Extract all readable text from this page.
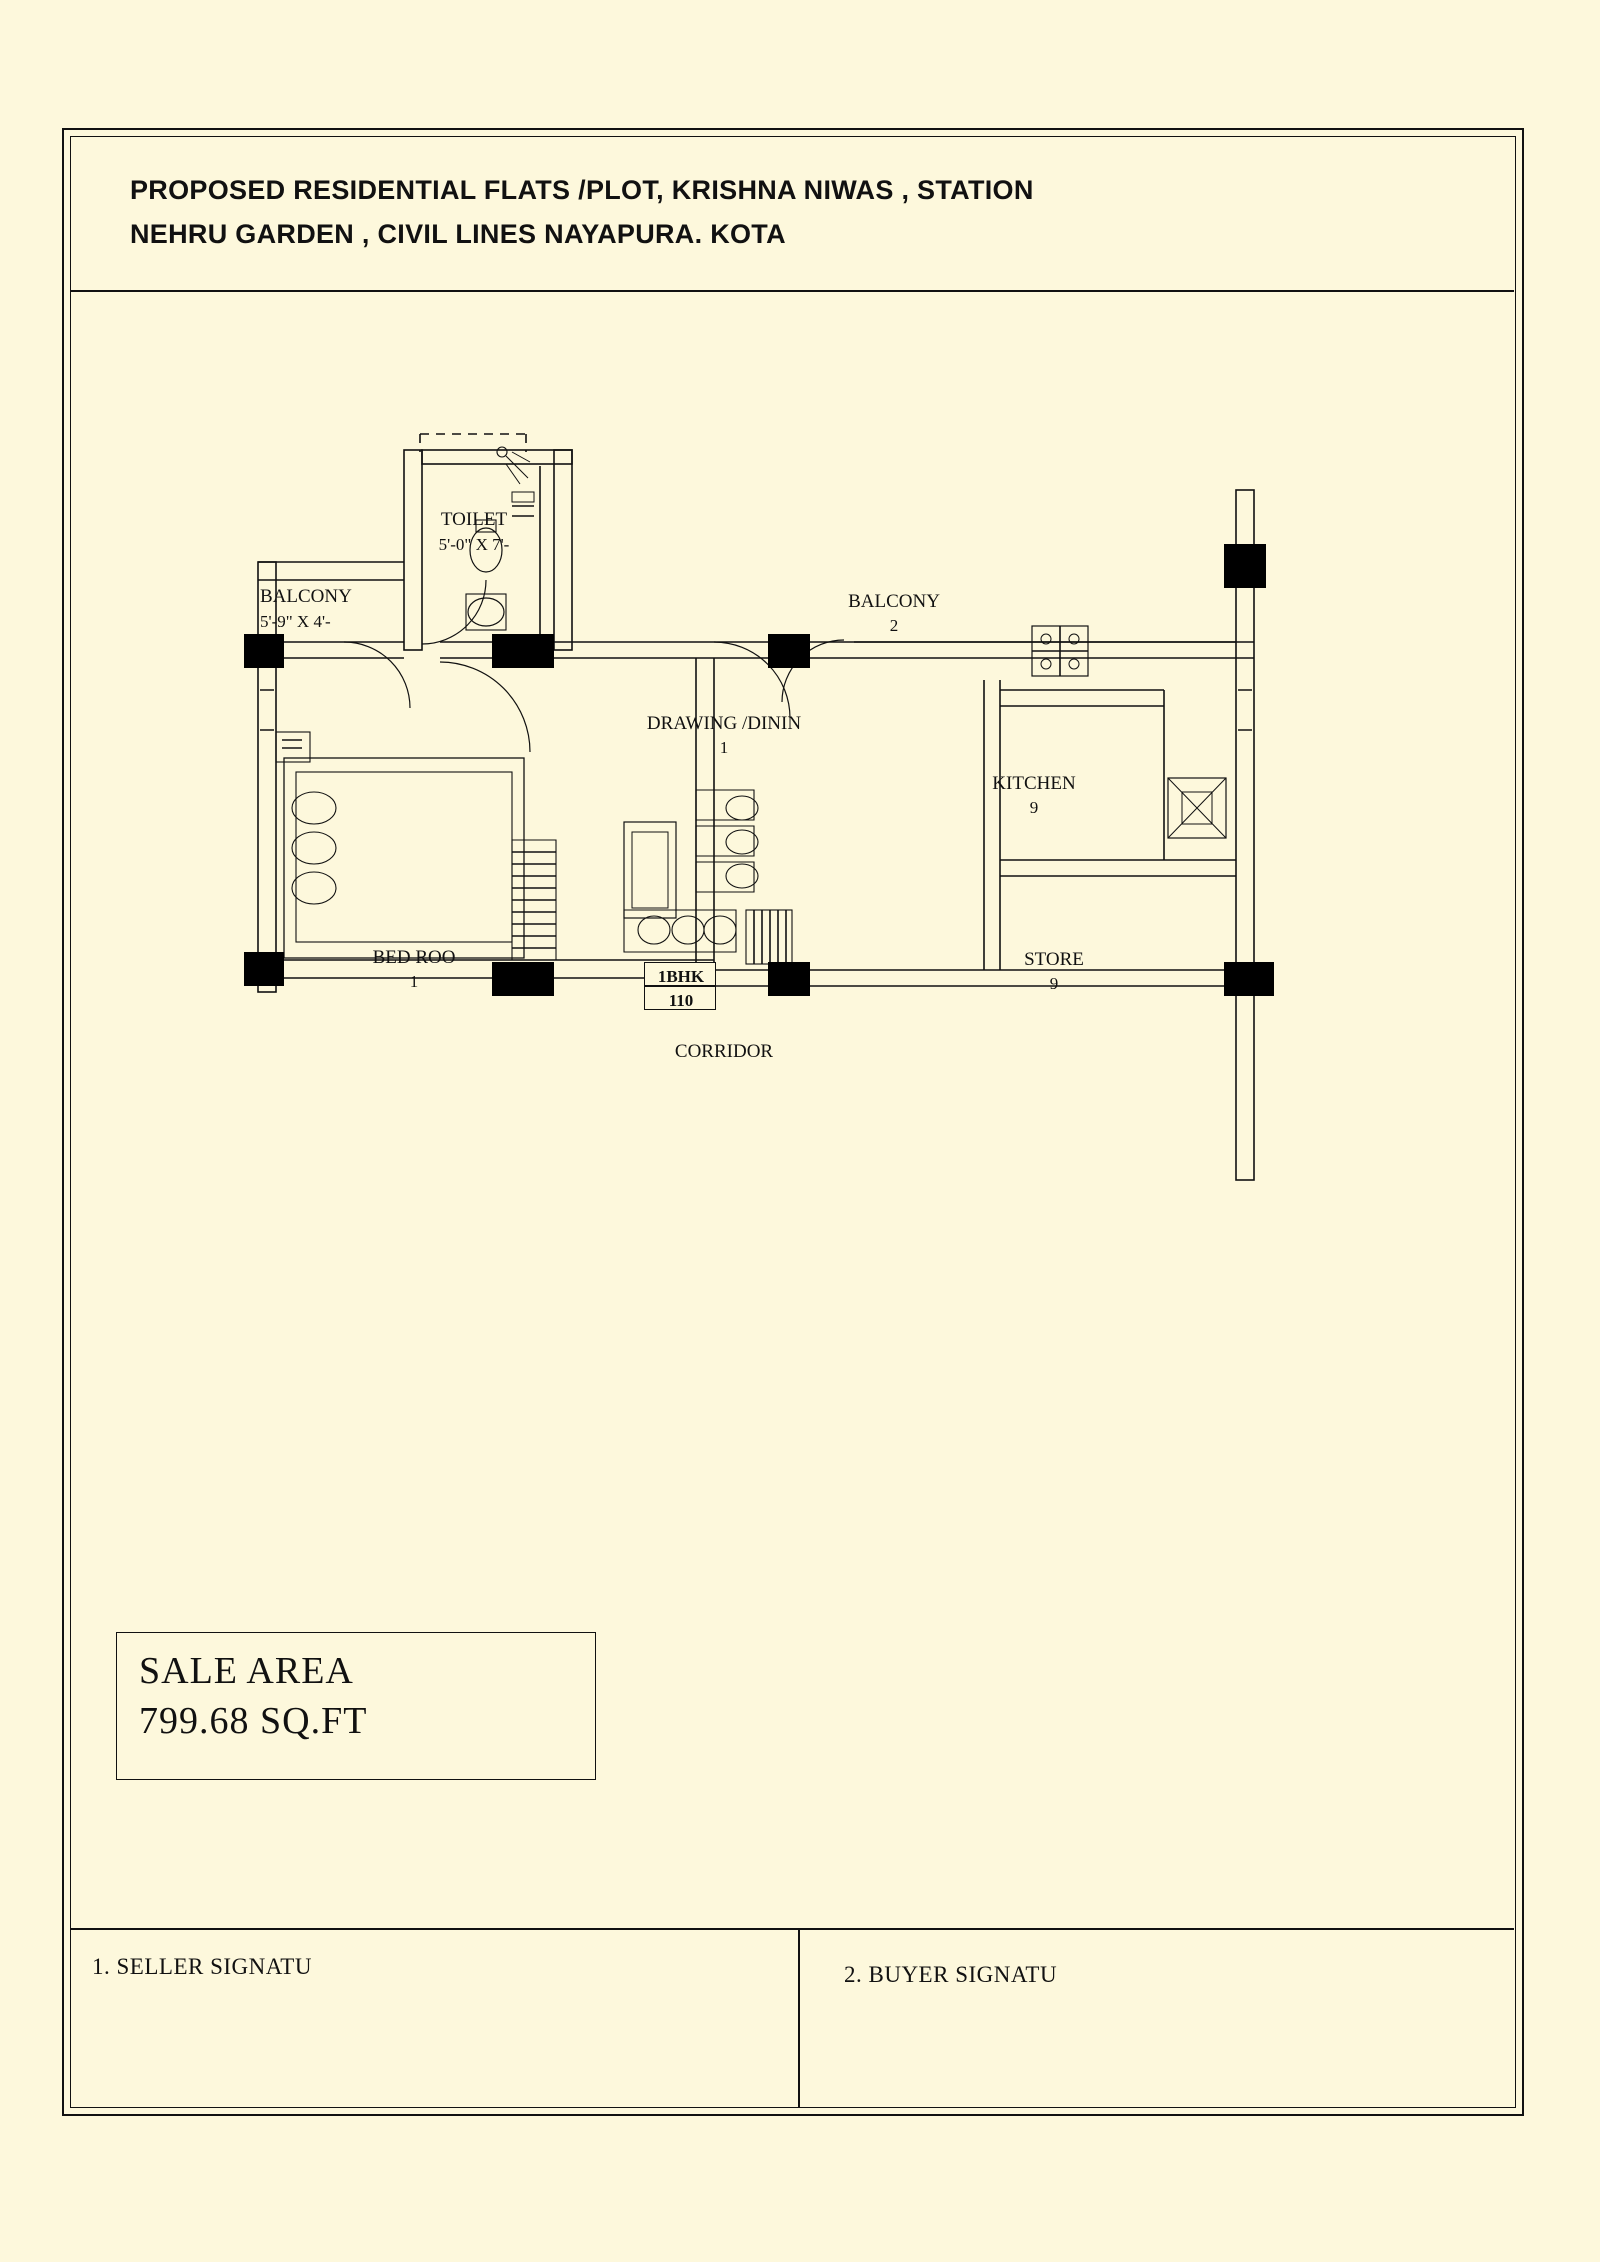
PROPOSED RESIDENTIAL FLATS /PLOT, KRISHNA NIWAS , STATION
NEHRU GARDEN , CIVIL LINES NAYAPURA. KOTA
TOILET
5'-0" X 7'-
BALCONY
5'-9" X 4'-
BALCONY
2
DRAWING /DININ
1
KITCHEN
9
STORE
9
BED ROO
1	1BHK
110
CORRIDOR
SALE AREA
799.68 SQ.FT
1. SELLER SIGNATU	2. BUYER SIGNATU
